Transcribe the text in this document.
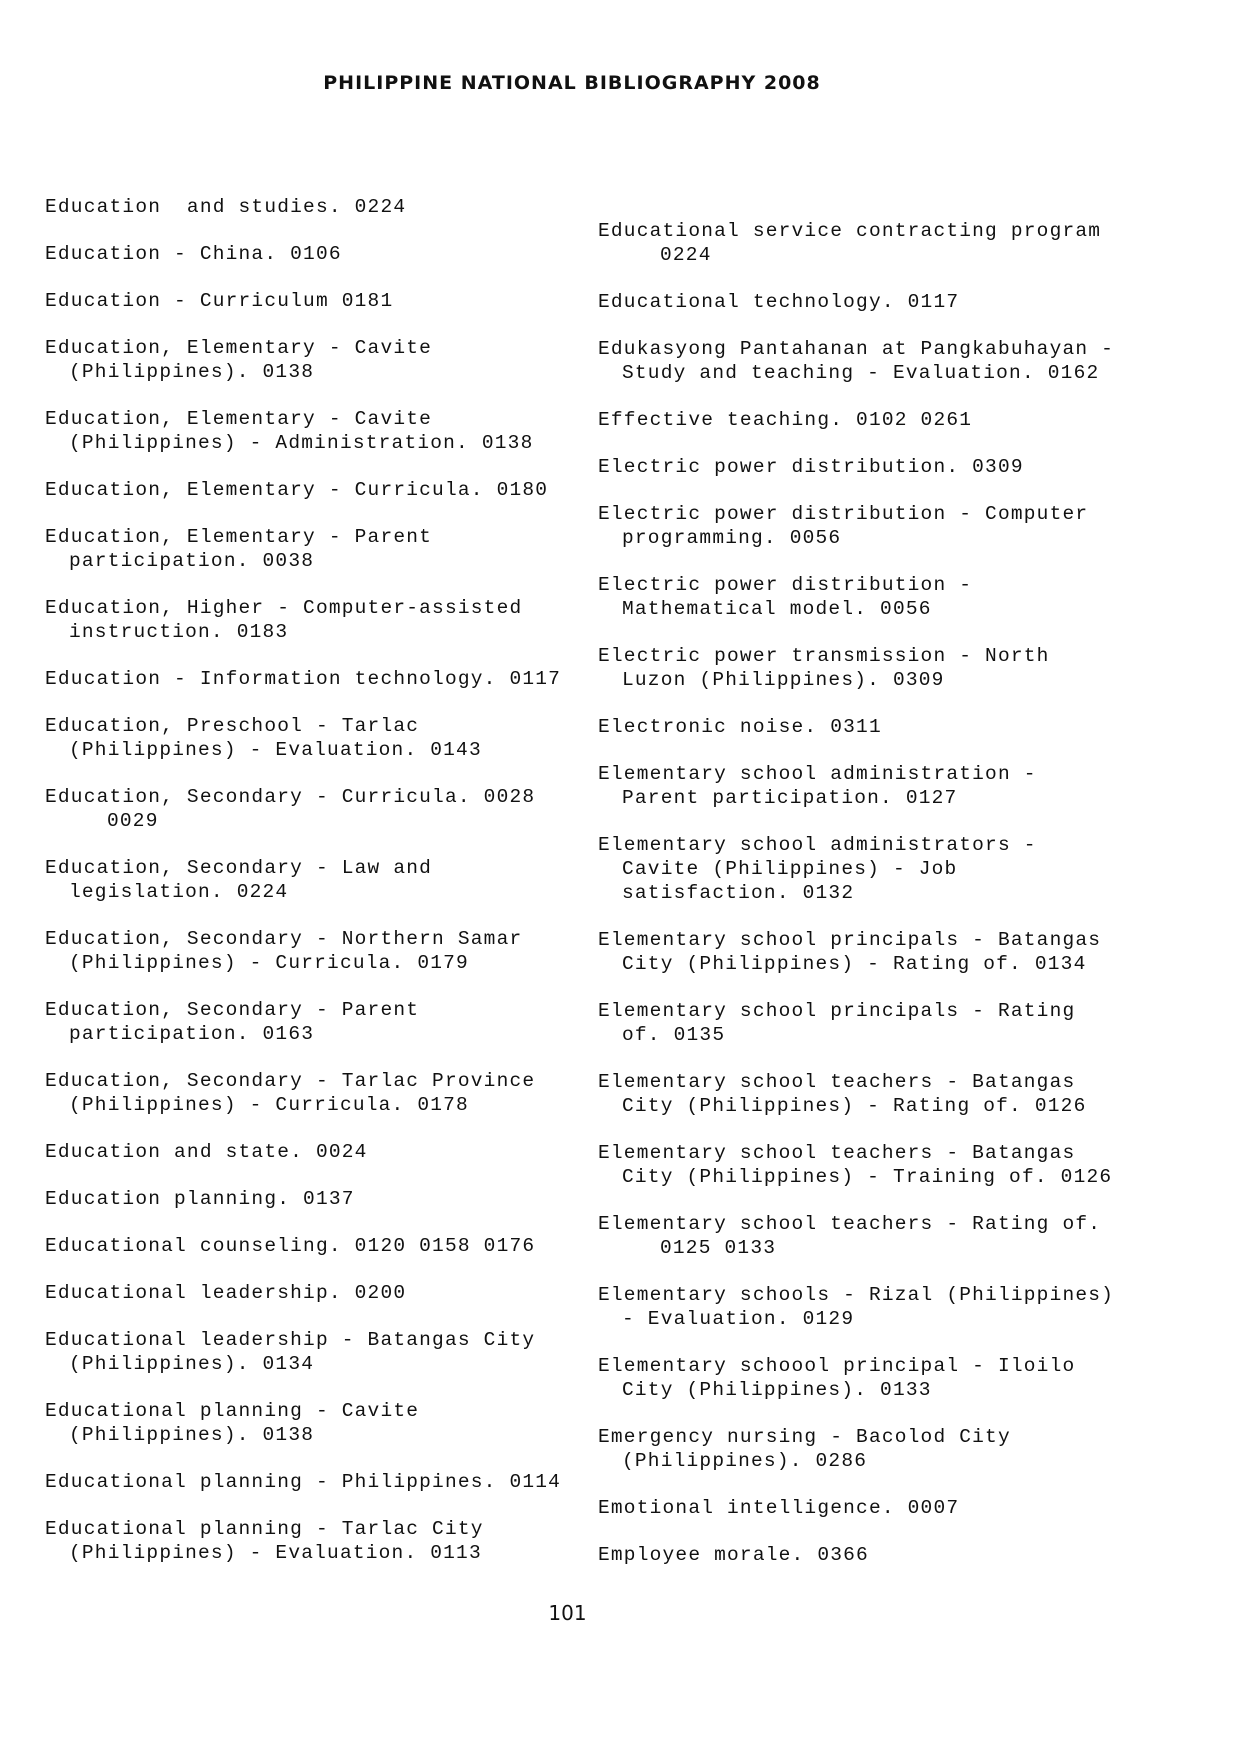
PHILIPPINE NATIONAL BIBLIOGRAPHY 2008
Education  and studies. 0224
Education - China. 0106
Education - Curriculum 0181
Education, Elementary - Cavite
(Philippines). 0138
Education, Elementary - Cavite
(Philippines) - Administration. 0138
Education, Elementary - Curricula. 0180
Education, Elementary - Parent
participation. 0038
Education, Higher - Computer-assisted
instruction. 0183
Education - Information technology. 0117
Education, Preschool - Tarlac
(Philippines) - Evaluation. 0143
Education, Secondary - Curricula. 0028
0029
Education, Secondary - Law and
legislation. 0224
Education, Secondary - Northern Samar
(Philippines) - Curricula. 0179
Education, Secondary - Parent
participation. 0163
Education, Secondary - Tarlac Province
(Philippines) - Curricula. 0178
Education and state. 0024
Education planning. 0137
Educational counseling. 0120 0158 0176
Educational leadership. 0200
Educational leadership - Batangas City
(Philippines). 0134
Educational planning - Cavite
(Philippines). 0138
Educational planning - Philippines. 0114
Educational planning - Tarlac City
(Philippines) - Evaluation. 0113
Educational service contracting program
0224
Educational technology. 0117
Edukasyong Pantahanan at Pangkabuhayan -
Study and teaching - Evaluation. 0162
Effective teaching. 0102 0261
Electric power distribution. 0309
Electric power distribution - Computer
programming. 0056
Electric power distribution -
Mathematical model. 0056
Electric power transmission - North
Luzon (Philippines). 0309
Electronic noise. 0311
Elementary school administration -
Parent participation. 0127
Elementary school administrators -
Cavite (Philippines) - Job
satisfaction. 0132
Elementary school principals - Batangas
City (Philippines) - Rating of. 0134
Elementary school principals - Rating
of. 0135
Elementary school teachers - Batangas
City (Philippines) - Rating of. 0126
Elementary school teachers - Batangas
City (Philippines) - Training of. 0126
Elementary school teachers - Rating of.
0125 0133
Elementary schools - Rizal (Philippines)
- Evaluation. 0129
Elementary schoool principal - Iloilo
City (Philippines). 0133
Emergency nursing - Bacolod City
(Philippines). 0286
Emotional intelligence. 0007
Employee morale. 0366
101
